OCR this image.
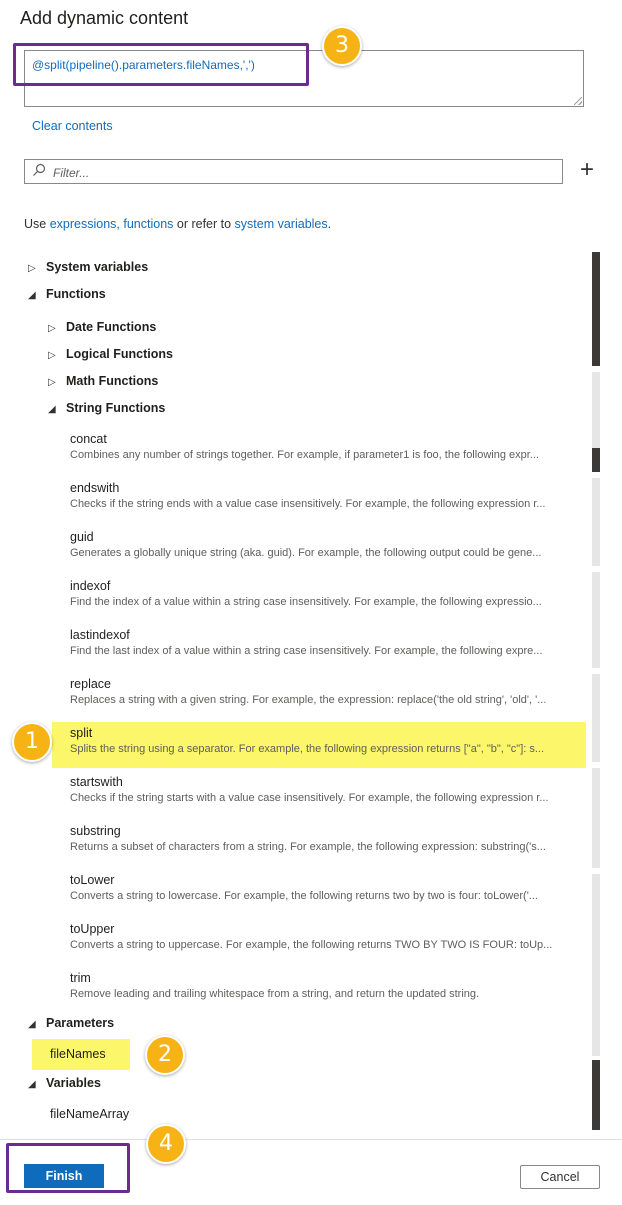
Add dynamic content
@split(pipeline().parameters.fileNames,',')
3
Clear contents
Filter...
+
Use expressions, functions or refer to system variables.
▷ System variables
◢ Functions
▷ Date Functions
▷ Logical Functions
▷ Math Functions
◢ String Functions
concat
Combines any number of strings together. For example, if parameter1 is foo, the following expr...
endswith
Checks if the string ends with a value case insensitively. For example, the following expression r...
guid
Generates a globally unique string (aka. guid). For example, the following output could be gene...
indexof
Find the index of a value within a string case insensitively. For example, the following expressio...
lastindexof
Find the last index of a value within a string case insensitively. For example, the following expre...
replace
Replaces a string with a given string. For example, the expression: replace('the old string', 'old', '...
split
Splits the string using a separator. For example, the following expression returns ["a", "b", "c"]: s...
startswith
Checks if the string starts with a value case insensitively. For example, the following expression r...
substring
Returns a subset of characters from a string. For example, the following expression: substring('s...
toLower
Converts a string to lowercase. For example, the following returns two by two is four: toLower('...
toUpper
Converts a string to uppercase. For example, the following returns TWO BY TWO IS FOUR: toUp...
trim
Remove leading and trailing whitespace from a string, and return the updated string.
1
◢ Parameters
fileNames	2
◢ Variables
fileNameArray
Finish
4
Cancel
